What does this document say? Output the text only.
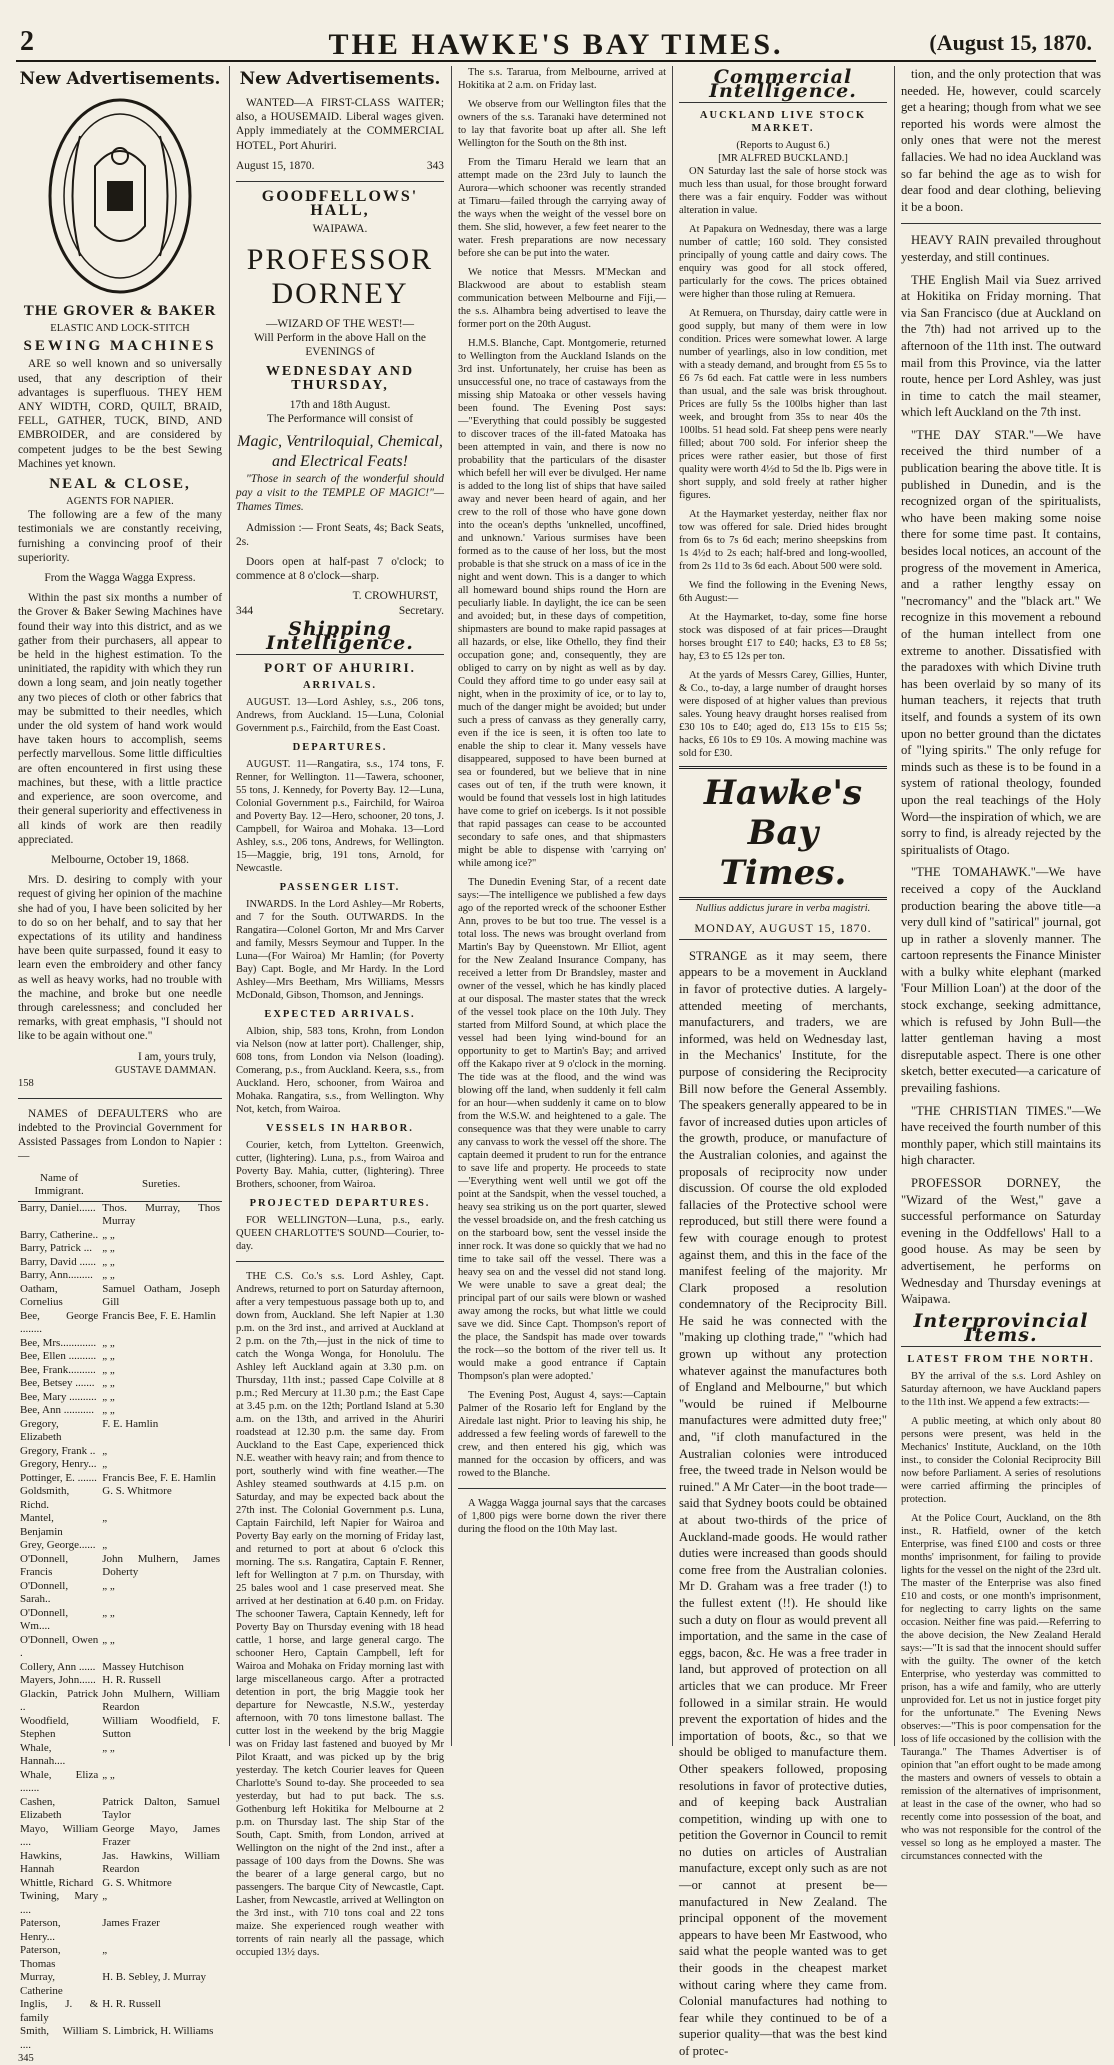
2	THE HAWKE'S BAY TIMES.	(August 15, 1870.
New Advertisements.
THE GROVER & BAKER
ELASTIC AND LOCK-STITCH
SEWING MACHINES

ARE so well known and so universally used, that any description of their advantages is superfluous. THEY HEM ANY WIDTH, CORD, QUILT, BRAID, FELL, GATHER, TUCK, BIND, AND EMBROIDER, and are considered by competent judges to be the best Sewing Machines yet known.

NEAL & CLOSE,
AGENTS FOR NAPIER.

The following are a few of the many testimonials we are constantly receiving, furnishing a convincing proof of their superiority.

From the Wagga Wagga Express.

Within the past six months a number of the Grover & Baker Sewing Machines have found their way into this district, and as we gather from their purchasers, all appear to be held in the highest estimation. To the uninitiated, the rapidity with which they run down a long seam, and join neatly together any two pieces of cloth or other fabrics that may be submitted to their needles, which under the old system of hand work would have taken hours to accomplish, seems perfectly marvellous. Some little difficulties are often encountered in first using these machines, but these, with a little practice and experience, are soon overcome, and their general superiority and effectiveness in all kinds of work are then readily appreciated.

Melbourne, October 19, 1868.

Mrs. D. desiring to comply with your request of giving her opinion of the machine she had of you, I have been solicited by her to do so on her behalf, and to say that her expectations of its utility and handiness have been quite surpassed, found it easy to learn even the embroidery and other fancy as well as heavy works, had no trouble with the machine, and broke but one needle through carelessness; and concluded her remarks, with great emphasis, "I should not like to be again without one."

I am, yours truly,
GUSTAVE DAMMAN.
158

NAMES of DEFAULTERS who are indebted to the Provincial Government for Assisted Passages from London to Napier :—

Name of Immigrant.	Sureties.
Barry, Daniel......	Thos. Murray, Thos Murray
Barry, Catherine..	„ „
Barry, Patrick ...	„ „
Barry, David ......	„ „
Barry, Ann.........	„ „
Oatham, Cornelius	Samuel Oatham, Joseph Gill
Bee, George ........	Francis Bee, F. E. Hamlin
Bee, Mrs.............	„ „
Bee, Ellen ..........	„ „
Bee, Frank..........	„ „
Bee, Betsey .......	„ „
Bee, Mary ..........	„ „
Bee, Ann ...........	„ „
Gregory, Elizabeth	F. E. Hamlin
Gregory, Frank ..	„
Gregory, Henry...	„
Pottinger, E. .......	Francis Bee, F. E. Hamlin
Goldsmith, Richd.	G. S. Whitmore
Mantel, Benjamin	„
Grey, George......	„
O'Donnell, Francis	John Mulhern, James Doherty
O'Donnell, Sarah..	„ „
O'Donnell, Wm....	„ „
O'Donnell, Owen .	„ „
Collery, Ann ......	Massey Hutchison
Mayers, John......	H. R. Russell
Glackin, Patrick ..	John Mulhern, William Reardon
Woodfield, Stephen	William Woodfield, F. Sutton
Whale, Hannah....	„ „
Whale, Eliza .......	„ „
Cashen, Elizabeth	Patrick Dalton, Samuel Taylor
Mayo, William ....	George Mayo, James Frazer
Hawkins, Hannah	Jas. Hawkins, William Reardon
Whittle, Richard	G. S. Whitmore
Twining, Mary ....	„
Paterson, Henry...	James Frazer
Paterson, Thomas	„
Murray, Catherine	H. B. Sebley, J. Murray
Inglis, J. & family	H. R. Russell
Smith, William ....	S. Limbrick, H. Williams
345
New Advertisements.

WANTED—A FIRST-CLASS WAITER; also, a HOUSEMAID. Liberal wages given. Apply immediately at the COMMERCIAL HOTEL, Port Ahuriri.

August 15, 1870.	343
GOODFELLOWS' HALL,
WAIPAWA.
PROFESSOR DORNEY
—WIZARD OF THE WEST!—

Will Perform in the above Hall on the EVENINGS of

WEDNESDAY AND THURSDAY,
17th and 18th August.

The Performance will consist of

Magic, Ventriloquial, Chemical, and Electrical Feats!

"Those in search of the wonderful should pay a visit to the TEMPLE OF MAGIC!"—Thames Times.

Admission :— Front Seats, 4s; Back Seats, 2s.

Doors open at half-past 7 o'clock; to commence at 8 o'clock—sharp.

T. CROWHURST,
344	Secretary.
Shipping Intelligence.
PORT OF AHURIRI.
ARRIVALS.

AUGUST. 13—Lord Ashley, s.s., 206 tons, Andrews, from Auckland. 15—Luna, Colonial Government p.s., Fairchild, from the East Coast.

DEPARTURES.

AUGUST. 11—Rangatira, s.s., 174 tons, F. Renner, for Wellington. 11—Tawera, schooner, 55 tons, J. Kennedy, for Poverty Bay. 12—Luna, Colonial Government p.s., Fairchild, for Wairoa and Poverty Bay. 12—Hero, schooner, 20 tons, J. Campbell, for Wairoa and Mohaka. 13—Lord Ashley, s.s., 206 tons, Andrews, for Wellington. 15—Maggie, brig, 191 tons, Arnold, for Newcastle.

PASSENGER LIST.

INWARDS. In the Lord Ashley—Mr Roberts, and 7 for the South. OUTWARDS. In the Rangatira—Colonel Gorton, Mr and Mrs Carver and family, Messrs Seymour and Tupper. In the Luna—(For Wairoa) Mr Hamlin; (for Poverty Bay) Capt. Bogle, and Mr Hardy. In the Lord Ashley—Mrs Beetham, Mrs Williams, Messrs McDonald, Gibson, Thomson, and Jennings.

EXPECTED ARRIVALS.

Albion, ship, 583 tons, Krohn, from London via Nelson (now at latter port). Challenger, ship, 608 tons, from London via Nelson (loading). Comerang, p.s., from Auckland. Keera, s.s., from Auckland. Hero, schooner, from Wairoa and Mohaka. Rangatira, s.s., from Wellington. Why Not, ketch, from Wairoa.

VESSELS IN HARBOR.

Courier, ketch, from Lyttelton. Greenwich, cutter, (lightering). Luna, p.s., from Wairoa and Poverty Bay. Mahia, cutter, (lightering). Three Brothers, schooner, from Wairoa.

PROJECTED DEPARTURES.

FOR WELLINGTON—Luna, p.s., early. QUEEN CHARLOTTE'S SOUND—Courier, to-day.

THE C.S. Co.'s s.s. Lord Ashley, Capt. Andrews, returned to port on Saturday afternoon, after a very tempestuous passage both up to, and down from, Auckland. She left Napier at 1.30 p.m. on the 3rd inst., and arrived at Auckland at 2 p.m. on the 7th,—just in the nick of time to catch the Wonga Wonga, for Honolulu. The Ashley left Auckland again at 3.30 p.m. on Thursday, 11th inst.; passed Cape Colville at 8 p.m.; Red Mercury at 11.30 p.m.; the East Cape at 3.45 p.m. on the 12th; Portland Island at 5.30 a.m. on the 13th, and arrived in the Ahuriri roadstead at 12.30 p.m. the same day. From Auckland to the East Cape, experienced thick N.E. weather with heavy rain; and from thence to port, southerly wind with fine weather.—The Ashley steamed southwards at 4.15 p.m. on Saturday, and may be expected back about the 27th inst. The Colonial Government p.s. Luna, Captain Fairchild, left Napier for Wairoa and Poverty Bay early on the morning of Friday last, and returned to port at about 6 o'clock this morning. The s.s. Rangatira, Captain F. Renner, left for Wellington at 7 p.m. on Thursday, with 25 bales wool and 1 case preserved meat. She arrived at her destination at 6.40 p.m. on Friday. The schooner Tawera, Captain Kennedy, left for Poverty Bay on Thursday evening with 18 head cattle, 1 horse, and large general cargo. The schooner Hero, Captain Campbell, left for Wairoa and Mohaka on Friday morning last with large miscellaneous cargo. After a protracted detention in port, the brig Maggie took her departure for Newcastle, N.S.W., yesterday afternoon, with 70 tons limestone ballast. The cutter lost in the weekend by the brig Maggie was on Friday last fastened and buoyed by Mr Pilot Kraatt, and was picked up by the brig yesterday. The ketch Courier leaves for Queen Charlotte's Sound to-day. She proceeded to sea yesterday, but had to put back. The s.s. Gothenburg left Hokitika for Melbourne at 2 p.m. on Thursday last. The ship Star of the South, Capt. Smith, from London, arrived at Wellington on the night of the 2nd inst., after a passage of 100 days from the Downs. She was the bearer of a large general cargo, but no passengers. The barque City of Newcastle, Capt. Lasher, from Newcastle, arrived at Wellington on the 3rd inst., with 710 tons coal and 22 tons maize. She experienced rough weather with torrents of rain nearly all the passage, which occupied 13½ days.

The s.s. Tararua, from Melbourne, arrived at Hokitika at 2 a.m. on Friday last.

We observe from our Wellington files that the owners of the s.s. Taranaki have determined not to lay that favorite boat up after all. She left Wellington for the South on the 8th inst.

From the Timaru Herald we learn that an attempt made on the 23rd July to launch the Aurora—which schooner was recently stranded at Timaru—failed through the carrying away of the ways when the weight of the vessel bore on them. She slid, however, a few feet nearer to the water. Fresh preparations are now necessary before she can be put into the water.

We notice that Messrs. M'Meckan and Blackwood are about to establish steam communication between Melbourne and Fiji,—the s.s. Alhambra being advertised to leave the former port on the 20th August.

H.M.S. Blanche, Capt. Montgomerie, returned to Wellington from the Auckland Islands on the 3rd inst. Unfortunately, her cruise has been as unsuccessful one, no trace of castaways from the missing ship Matoaka or other vessels having been found. The Evening Post says:—"Everything that could possibly be suggested to discover traces of the ill-fated Matoaka has been attempted in vain, and there is now no probability that the particulars of the disaster which befell her will ever be divulged. Her name is added to the long list of ships that have sailed away and never been heard of again, and her crew to the roll of those who have gone down into the ocean's depths 'unknelled, uncoffined, and unknown.' Various surmises have been formed as to the cause of her loss, but the most probable is that she struck on a mass of ice in the night and went down. This is a danger to which all homeward bound ships round the Horn are peculiarly liable. In daylight, the ice can be seen and avoided; but, in these days of competition, shipmasters are bound to make rapid passages at all hazards, or else, like Othello, they find their occupation gone; and, consequently, they are obliged to carry on by night as well as by day. Could they afford time to go under easy sail at night, when in the proximity of ice, or to lay to, much of the danger might be avoided; but under such a press of canvass as they generally carry, even if the ice is seen, it is often too late to enable the ship to clear it. Many vessels have disappeared, supposed to have been burned at sea or foundered, but we believe that in nine cases out of ten, if the truth were known, it would be found that vessels lost in high latitudes have come to grief on icebergs. Is it not possible that rapid passages can cease to be accounted secondary to safe ones, and that shipmasters might be able to dispense with 'carrying on' while among ice?"

The Dunedin Evening Star, of a recent date says:—The intelligence we published a few days ago of the reported wreck of the schooner Esther Ann, proves to be but too true. The vessel is a total loss. The news was brought overland from Martin's Bay by Queenstown. Mr Elliot, agent for the New Zealand Insurance Company, has received a letter from Dr Brandsley, master and owner of the vessel, which he has kindly placed at our disposal. The master states that the wreck of the vessel took place on the 10th July. They started from Milford Sound, at which place the vessel had been lying wind-bound for an opportunity to get to Martin's Bay; and arrived off the Kakapo river at 9 o'clock in the morning. The tide was at the flood, and the wind was blowing off the land, when suddenly it fell calm for an hour—when suddenly it came on to blow from the W.S.W. and heightened to a gale. The consequence was that they were unable to carry any canvass to work the vessel off the shore. The captain deemed it prudent to run for the entrance to save life and property. He proceeds to state—'Everything went well until we got off the point at the Sandspit, when the vessel touched, a heavy sea striking us on the port quarter, slewed the vessel broadside on, and the fresh catching us on the starboard bow, sent the vessel inside the inner rock. It was done so quickly that we had no time to take sail off the vessel. There was a heavy sea on and the vessel did not stand long. We were unable to save a great deal; the principal part of our sails were blown or washed away among the rocks, but what little we could save we did. Since Capt. Thompson's report of the place, the Sandspit has made over towards the rock—so the bottom of the river tell us. It would make a good entrance if Captain Thompson's plan were adopted.'

The Evening Post, August 4, says:—Captain Palmer of the Rosario left for England by the Airedale last night. Prior to leaving his ship, he addressed a few feeling words of farewell to the crew, and then entered his gig, which was manned for the occasion by officers, and was rowed to the Blanche.

A Wagga Wagga journal says that the carcases of 1,800 pigs were borne down the river there during the flood on the 10th May last.

Commercial Intelligence.
AUCKLAND LIVE STOCK MARKET.
(Reports to August 6.)
[MR ALFRED BUCKLAND.]

ON Saturday last the sale of horse stock was much less than usual, for those brought forward there was a fair enquiry. Fodder was without alteration in value.

At Papakura on Wednesday, there was a large number of cattle; 160 sold. They consisted principally of young cattle and dairy cows. The enquiry was good for all stock offered, particularly for the cows. The prices obtained were higher than those ruling at Remuera.

At Remuera, on Thursday, dairy cattle were in good supply, but many of them were in low condition. Prices were somewhat lower. A large number of yearlings, also in low condition, met with a steady demand, and brought from £5 5s to £6 7s 6d each. Fat cattle were in less numbers than usual, and the sale was brisk throughout. Prices are fully 5s the 100lbs higher than last week, and brought from 35s to near 40s the 100lbs. 51 head sold. Fat sheep pens were nearly filled; about 700 sold. For inferior sheep the prices were rather easier, but those of first quality were worth 4½d to 5d the lb. Pigs were in short supply, and sold freely at rather higher figures.

At the Haymarket yesterday, neither flax nor tow was offered for sale. Dried hides brought from 6s to 7s 6d each; merino sheepskins from 1s 4½d to 2s each; half-bred and long-woolled, from 2s 11d to 3s 6d each. About 500 were sold.

We find the following in the Evening News, 6th August:—

At the Haymarket, to-day, some fine horse stock was disposed of at fair prices—Draught horses brought £17 to £40; hacks, £3 to £8 5s; hay, £3 to £5 12s per ton.

At the yards of Messrs Carey, Gillies, Hunter, & Co., to-day, a large number of draught horses were disposed of at higher values than previous sales. Young heavy draught horses realised from £30 10s to £40; aged do, £13 15s to £15 5s; hacks, £6 10s to £9 10s. A mowing machine was sold for £30.

Hawke's Bay Times.
Nullius addictus jurare in verba magistri.
MONDAY, AUGUST 15, 1870.

STRANGE as it may seem, there appears to be a movement in Auckland in favor of protective duties. A largely-attended meeting of merchants, manufacturers, and traders, we are informed, was held on Wednesday last, in the Mechanics' Institute, for the purpose of considering the Reciprocity Bill now before the General Assembly. The speakers generally appeared to be in favor of increased duties upon articles of the growth, produce, or manufacture of the Australian colonies, and against the proposals of reciprocity now under discussion. Of course the old exploded fallacies of the Protective school were reproduced, but still there were found a few with courage enough to protest against them, and this in the face of the manifest feeling of the majority. Mr Clark proposed a resolution condemnatory of the Reciprocity Bill. He said he was connected with the "making up clothing trade," "which had grown up without any protection whatever against the manufactures both of England and Melbourne," but which "would be ruined if Melbourne manufactures were admitted duty free;" and, "if cloth manufactured in the Australian colonies were introduced free, the tweed trade in Nelson would be ruined." A Mr Cater—in the boot trade—said that Sydney boots could be obtained at about two-thirds of the price of Auckland-made goods. He would rather duties were increased than goods should come free from the Australian colonies. Mr D. Graham was a free trader (!) to the fullest extent (!!). He should like such a duty on flour as would prevent all importation, and the same in the case of eggs, bacon, &c. He was a free trader in land, but approved of protection on all articles that we can produce. Mr Freer followed in a similar strain. He would prevent the exportation of hides and the importation of boots, &c., so that we should be obliged to manufacture them. Other speakers followed, proposing resolutions in favor of protective duties, and of keeping back Australian competition, winding up with one to petition the Governor in Council to remit no duties on articles of Australian manufacture, except only such as are not—or cannot at present be—manufactured in New Zealand. The principal opponent of the movement appears to have been Mr Eastwood, who said what the people wanted was to get their goods in the cheapest market without caring where they came from. Colonial manufactures had nothing to fear while they continued to be of a superior quality—that was the best kind of protec-

tion, and the only protection that was needed. He, however, could scarcely get a hearing; though from what we see reported his words were almost the only ones that were not the merest fallacies. We had no idea Auckland was so far behind the age as to wish for dear food and dear clothing, believing it be a boon.

HEAVY RAIN prevailed throughout yesterday, and still continues.

THE English Mail via Suez arrived at Hokitika on Friday morning. That via San Francisco (due at Auckland on the 7th) had not arrived up to the afternoon of the 11th inst. The outward mail from this Province, via the latter route, hence per Lord Ashley, was just in time to catch the mail steamer, which left Auckland on the 7th inst.

"THE DAY STAR."—We have received the third number of a publication bearing the above title. It is published in Dunedin, and is the recognized organ of the spiritualists, who have been making some noise there for some time past. It contains, besides local notices, an account of the progress of the movement in America, and a rather lengthy essay on "necromancy" and the "black art." We recognize in this movement a rebound of the human intellect from one extreme to another. Dissatisfied with the paradoxes with which Divine truth has been overlaid by so many of its human teachers, it rejects that truth itself, and founds a system of its own upon no better ground than the dictates of "lying spirits." The only refuge for minds such as these is to be found in a system of rational theology, founded upon the real teachings of the Holy Word—the inspiration of which, we are sorry to find, is already rejected by the spiritualists of Otago.

"THE TOMAHAWK."—We have received a copy of the Auckland production bearing the above title—a very dull kind of "satirical" journal, got up in rather a slovenly manner. The cartoon represents the Finance Minister with a bulky white elephant (marked 'Four Million Loan') at the door of the stock exchange, seeking admittance, which is refused by John Bull—the latter gentleman having a most disreputable aspect. There is one other sketch, better executed—a caricature of prevailing fashions.

"THE CHRISTIAN TIMES."—We have received the fourth number of this monthly paper, which still maintains its high character.

PROFESSOR DORNEY, the "Wizard of the West," gave a successful performance on Saturday evening in the Oddfellows' Hall to a good house. As may be seen by advertisement, he performs on Wednesday and Thursday evenings at Waipawa.

Interprovincial Items.
LATEST FROM THE NORTH.

BY the arrival of the s.s. Lord Ashley on Saturday afternoon, we have Auckland papers to the 11th inst. We append a few extracts:—

A public meeting, at which only about 80 persons were present, was held in the Mechanics' Institute, Auckland, on the 10th inst., to consider the Colonial Reciprocity Bill now before Parliament. A series of resolutions were carried affirming the principles of protection.

At the Police Court, Auckland, on the 8th inst., R. Hatfield, owner of the ketch Enterprise, was fined £100 and costs or three months' imprisonment, for failing to provide lights for the vessel on the night of the 23rd ult. The master of the Enterprise was also fined £10 and costs, or one month's imprisonment, for neglecting to carry lights on the same occasion. Neither fine was paid.—Referring to the above decision, the New Zealand Herald says:—"It is sad that the innocent should suffer with the guilty. The owner of the ketch Enterprise, who yesterday was committed to prison, has a wife and family, who are utterly unprovided for. Let us not in justice forget pity for the unfortunate." The Evening News observes:—"This is poor compensation for the loss of life occasioned by the collision with the Tauranga." The Thames Advertiser is of opinion that "an effort ought to be made among the masters and owners of vessels to obtain a remission of the alternatives of imprisonment, at least in the case of the owner, who had so recently come into possession of the boat, and who was not responsible for the control of the vessel so long as he employed a master. The circumstances connected with the
